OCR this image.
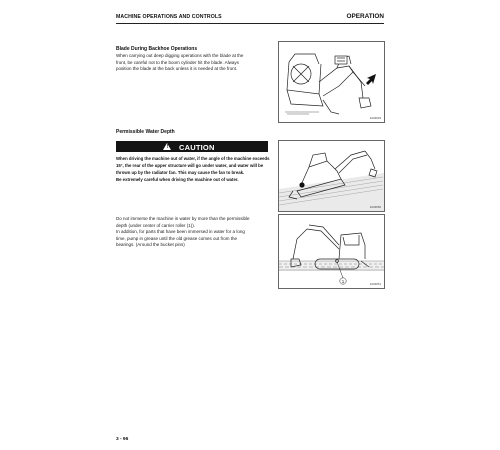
MACHINE OPERATIONS AND CONTROLS	OPERATION
Blade During Backhoe Operations
When carrying out deep digging operations with the blade at the
front, be careful not to the boom cylinder hit the blade. Always
position the blade at the back unless it is needed at the front.
3A09049
Permissible Water Depth
! CAUTION
When driving the machine out of water, if the angle of the machine exceeds
15°, the rear of the upper structure will go under water, and water will be
thrown up by the radiator fan. This may cause the fan to break.
Be extremely careful when driving the machine out of water.
3A09050
Do not immerse the machine in water by more than the permissible
depth (under center of carrier roller (1)).
In addition, for parts that have been immersed in water for a long
time, pump in grease until the old grease comes out from the
bearings. (Around the bucket pins)
1
3A09051
3 - 96
